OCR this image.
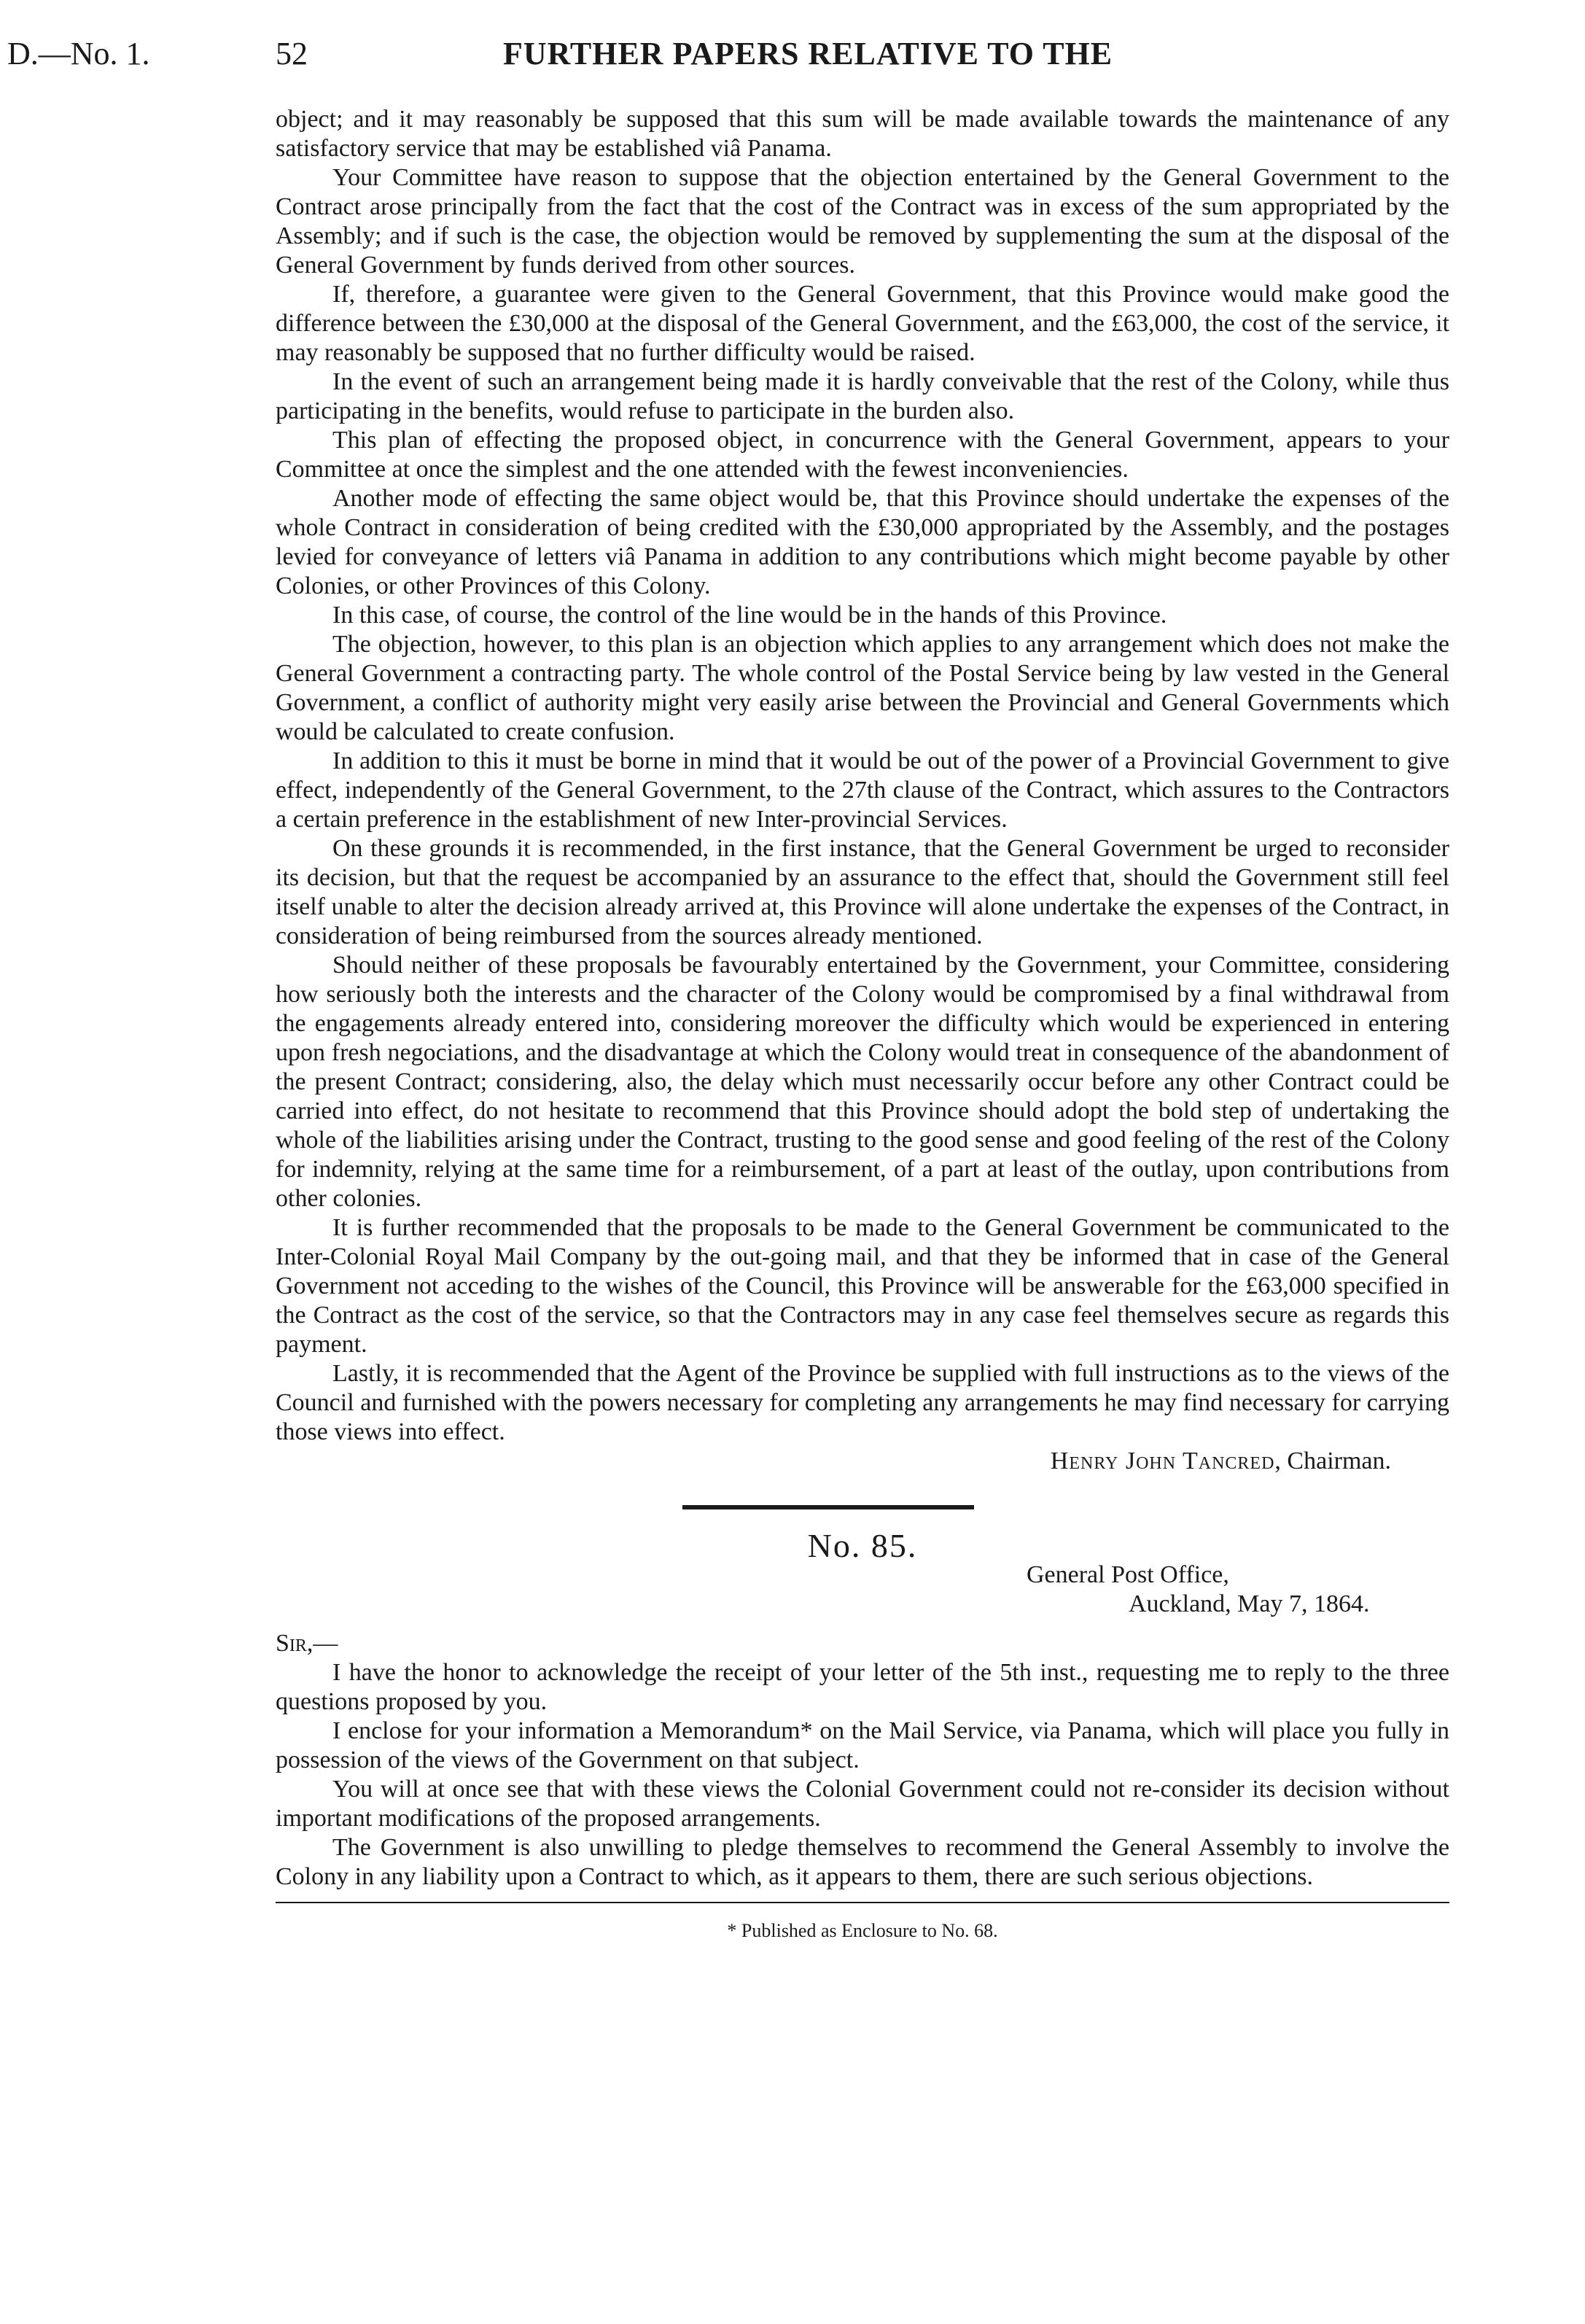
D.—No. 1.	52	FURTHER PAPERS RELATIVE TO THE

object; and it may reasonably be supposed that this sum will be made available towards the maintenance of any satisfactory service that may be established viâ Panama.

Your Committee have reason to suppose that the objection entertained by the General Government to the Contract arose principally from the fact that the cost of the Contract was in excess of the sum appropriated by the Assembly; and if such is the case, the objection would be removed by supplementing the sum at the disposal of the General Government by funds derived from other sources.

If, therefore, a guarantee were given to the General Government, that this Province would make good the difference between the £30,000 at the disposal of the General Government, and the £63,000, the cost of the service, it may reasonably be supposed that no further difficulty would be raised.

In the event of such an arrangement being made it is hardly conveivable that the rest of the Colony, while thus participating in the benefits, would refuse to participate in the burden also.

This plan of effecting the proposed object, in concurrence with the General Government, appears to your Committee at once the simplest and the one attended with the fewest inconveniencies.

Another mode of effecting the same object would be, that this Province should undertake the expenses of the whole Contract in consideration of being credited with the £30,000 appropriated by the Assembly, and the postages levied for conveyance of letters viâ Panama in addition to any contributions which might become payable by other Colonies, or other Provinces of this Colony.

In this case, of course, the control of the line would be in the hands of this Province.

The objection, however, to this plan is an objection which applies to any arrangement which does not make the General Government a contracting party. The whole control of the Postal Service being by law vested in the General Government, a conflict of authority might very easily arise between the Provincial and General Governments which would be calculated to create confusion.

In addition to this it must be borne in mind that it would be out of the power of a Provincial Government to give effect, independently of the General Government, to the 27th clause of the Contract, which assures to the Contractors a certain preference in the establishment of new Inter-provincial Services.

On these grounds it is recommended, in the first instance, that the General Government be urged to reconsider its decision, but that the request be accompanied by an assurance to the effect that, should the Government still feel itself unable to alter the decision already arrived at, this Province will alone undertake the expenses of the Contract, in consideration of being reimbursed from the sources already mentioned.

Should neither of these proposals be favourably entertained by the Government, your Committee, considering how seriously both the interests and the character of the Colony would be compromised by a final withdrawal from the engagements already entered into, considering moreover the difficulty which would be experienced in entering upon fresh negociations, and the disadvantage at which the Colony would treat in consequence of the abandonment of the present Contract; considering, also, the delay which must necessarily occur before any other Contract could be carried into effect, do not hesitate to recommend that this Province should adopt the bold step of undertaking the whole of the liabilities arising under the Contract, trusting to the good sense and good feeling of the rest of the Colony for indemnity, relying at the same time for a reimbursement, of a part at least of the outlay, upon contributions from other colonies.

It is further recommended that the proposals to be made to the General Government be communicated to the Inter-Colonial Royal Mail Company by the out-going mail, and that they be informed that in case of the General Government not acceding to the wishes of the Council, this Province will be answerable for the £63,000 specified in the Contract as the cost of the service, so that the Contractors may in any case feel themselves secure as regards this payment.

Lastly, it is recommended that the Agent of the Province be supplied with full instructions as to the views of the Council and furnished with the powers necessary for completing any arrangements he may find necessary for carrying those views into effect.

Henry John Tancred, Chairman.
No. 85.
General Post Office,
Auckland, May 7, 1864.
Sir,—

I have the honor to acknowledge the receipt of your letter of the 5th inst., requesting me to reply to the three questions proposed by you.

I enclose for your information a Memorandum* on the Mail Service, via Panama, which will place you fully in possession of the views of the Government on that subject.

You will at once see that with these views the Colonial Government could not re-consider its decision without important modifications of the proposed arrangements.

The Government is also unwilling to pledge themselves to recommend the General Assembly to involve the Colony in any liability upon a Contract to which, as it appears to them, there are such serious objections.

* Published as Enclosure to No. 68.
